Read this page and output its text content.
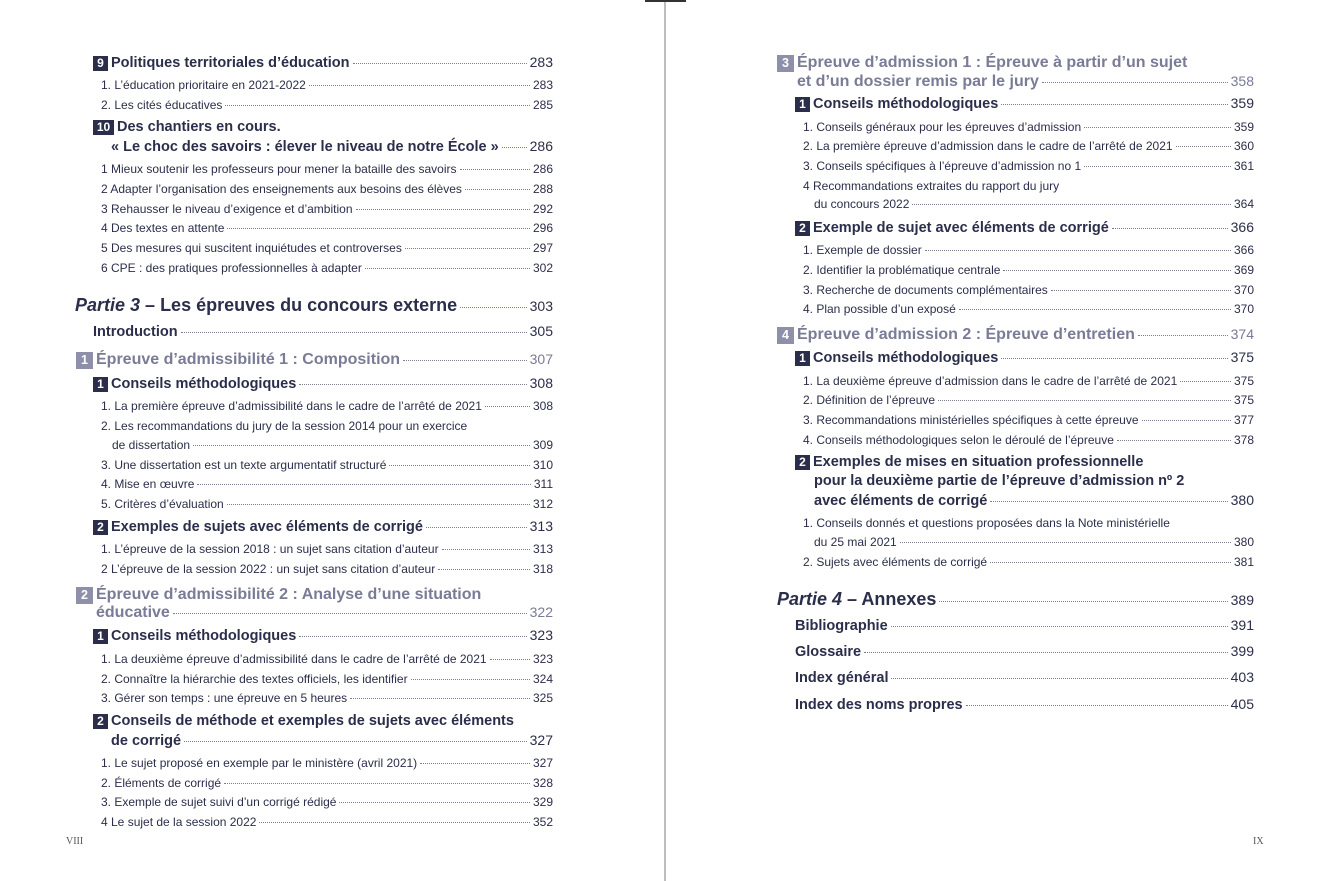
9 Politiques territoriales d’éducation	283
1. L’éducation prioritaire en 2021-2022	283
2. Les cités éducatives	285
10 Des chantiers en cours.
« Le choc des savoirs : élever le niveau de notre École » 286
1 Mieux soutenir les professeurs pour mener la bataille des savoirs	286
2 Adapter l’organisation des enseignements aux besoins des élèves	288
3 Rehausser le niveau d’exigence et d’ambition	292
4 Des textes en attente	296
5 Des mesures qui suscitent inquiétudes et controverses	297
6 CPE : des pratiques professionnelles à adapter	302
Partie 3 – Les épreuves du concours externe	303
Introduction	305
1 Épreuve d’admissibilité 1 : Composition	307
1 Conseils méthodologiques	308
1. La première épreuve d’admissibilité dans le cadre de l’arrêté de 2021	308
2. Les recommandations du jury de la session 2014 pour un exercice
de dissertation	309
3. Une dissertation est un texte argumentatif structuré	310
4. Mise en œuvre	311
5. Critères d’évaluation	312
2 Exemples de sujets avec éléments de corrigé	313
1. L’épreuve de la session 2018 : un sujet sans citation d’auteur	313
2 L’épreuve de la session 2022 : un sujet sans citation d’auteur	318
2 Épreuve d’admissibilité 2 : Analyse d’une situation
éducative	322
1 Conseils méthodologiques	323
1. La deuxième épreuve d’admissibilité dans le cadre de l’arrêté de 2021	323
2. Connaître la hiérarchie des textes officiels, les identifier	324
3. Gérer son temps : une épreuve en 5 heures	325
2 Conseils de méthode et exemples de sujets avec éléments
de corrigé	327
1. Le sujet proposé en exemple par le ministère (avril 2021)	327
2. Éléments de corrigé	328
3. Exemple de sujet suivi d’un corrigé rédigé	329
4 Le sujet de la session 2022	352
VIII
3 Épreuve d’admission 1 : Épreuve à partir d’un sujet
et d’un dossier remis par le jury	358
1 Conseils méthodologiques	359
1. Conseils généraux pour les épreuves d’admission	359
2. La première épreuve d’admission dans le cadre de l’arrêté de 2021	360
3. Conseils spécifiques à l’épreuve d’admission no 1	361
4 Recommandations extraites du rapport du jury
du concours 2022	364
2 Exemple de sujet avec éléments de corrigé	366
1. Exemple de dossier	366
2. Identifier la problématique centrale	369
3. Recherche de documents complémentaires	370
4. Plan possible d’un exposé	370
4 Épreuve d’admission 2 : Épreuve d’entretien	374
1 Conseils méthodologiques	375
1. La deuxième épreuve d’admission dans le cadre de l’arrêté de 2021	375
2. Définition de l’épreuve	375
3. Recommandations ministérielles spécifiques à cette épreuve	377
4. Conseils méthodologiques selon le déroulé de l’épreuve	378
2 Exemples de mises en situation professionnelle
pour la deuxième partie de l’épreuve d’admission nº 2
avec éléments de corrigé	380
1. Conseils donnés et questions proposées dans la Note ministérielle
du 25 mai 2021	380
2. Sujets avec éléments de corrigé	381
Partie 4 – Annexes	389
Bibliographie	391
Glossaire	399
Index général	403
Index des noms propres	405
IX
